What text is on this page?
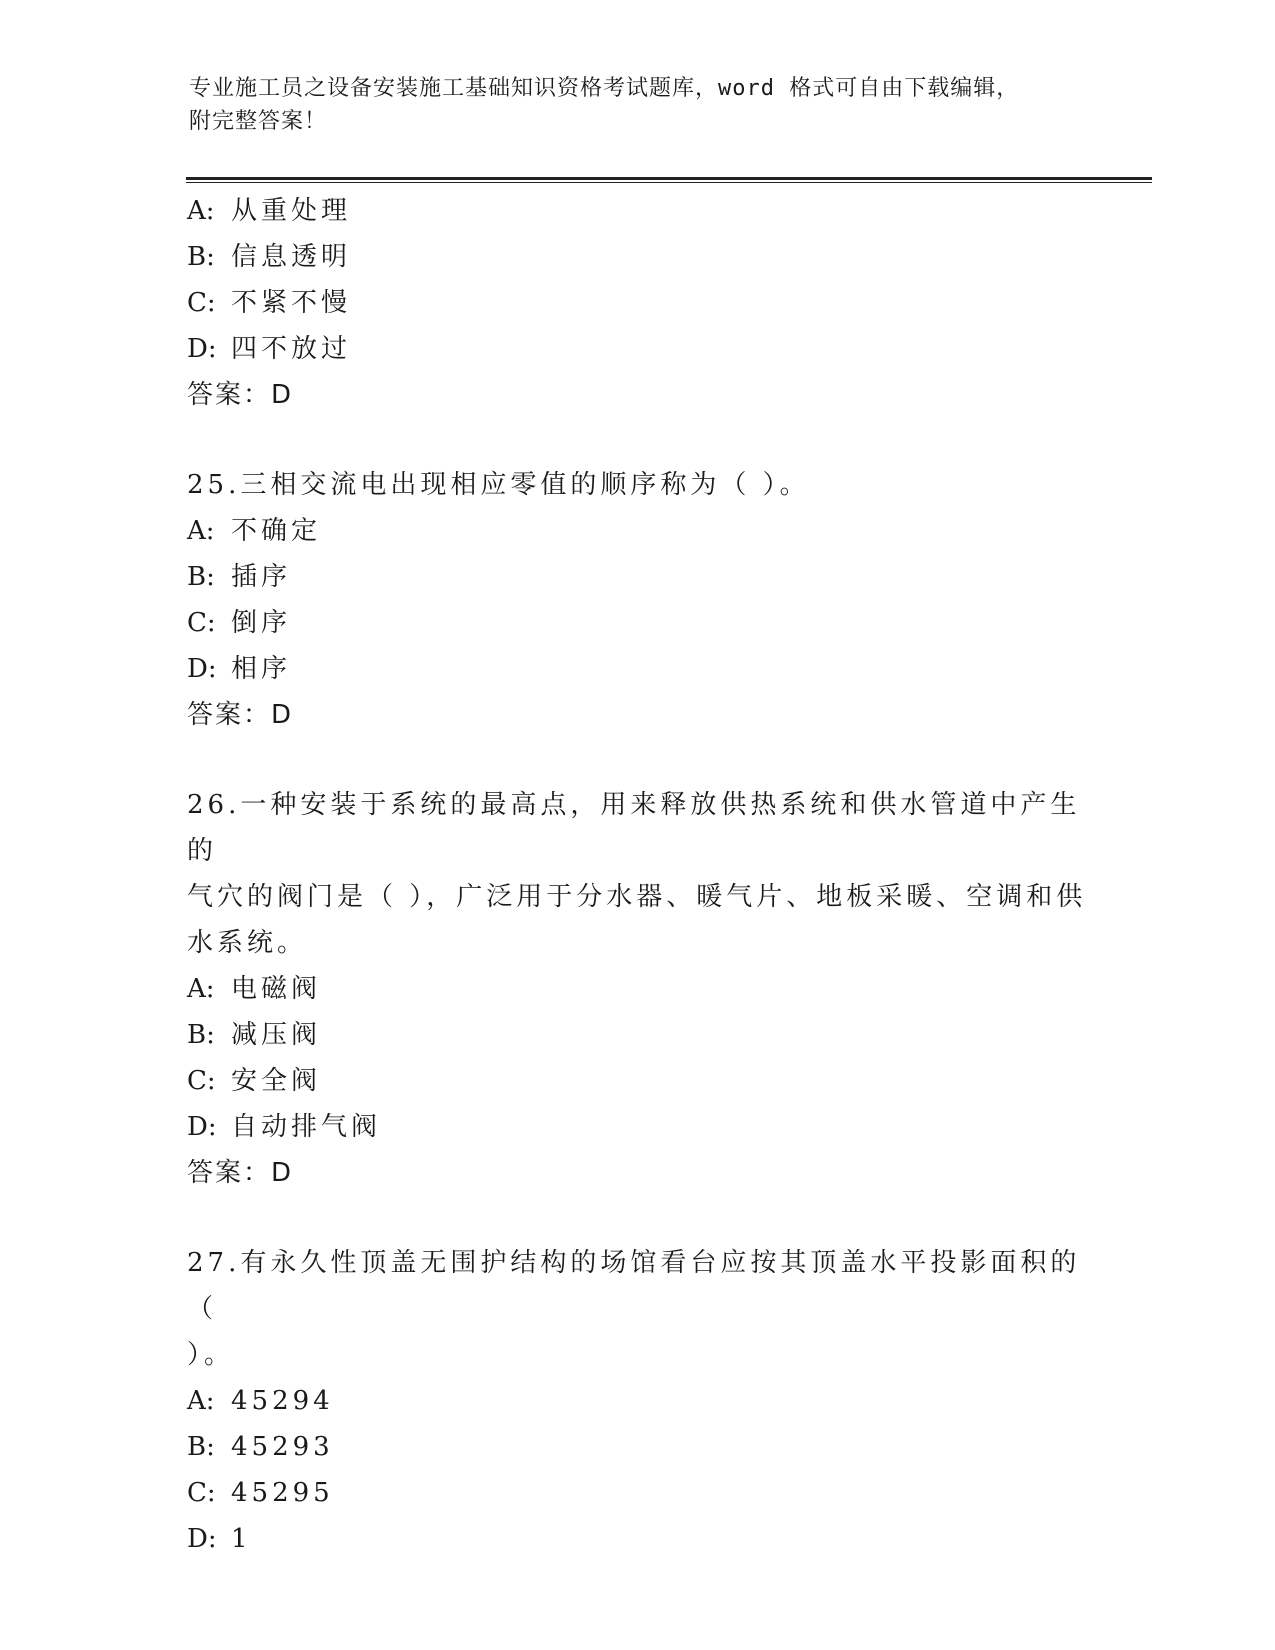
专业施工员之设备安装施工基础知识资格考试题库，word 格式可自由下载编辑，
附完整答案！
A: 从重处理
B: 信息透明
C: 不紧不慢
D: 四不放过
答案：D
25.三相交流电出现相应零值的顺序称为（ ）。
A: 不确定
B: 插序
C: 倒序
D: 相序
答案：D
26.一种安装于系统的最高点，用来释放供热系统和供水管道中产生的
气穴的阀门是（ ），广泛用于分水器、暖气片、地板采暖、空调和供
水系统。
A: 电磁阀
B: 减压阀
C: 安全阀
D: 自动排气阀
答案：D
27.有永久性顶盖无围护结构的场馆看台应按其顶盖水平投影面积的（
）。
A: 45294
B: 45293
C: 45295
D: 1
